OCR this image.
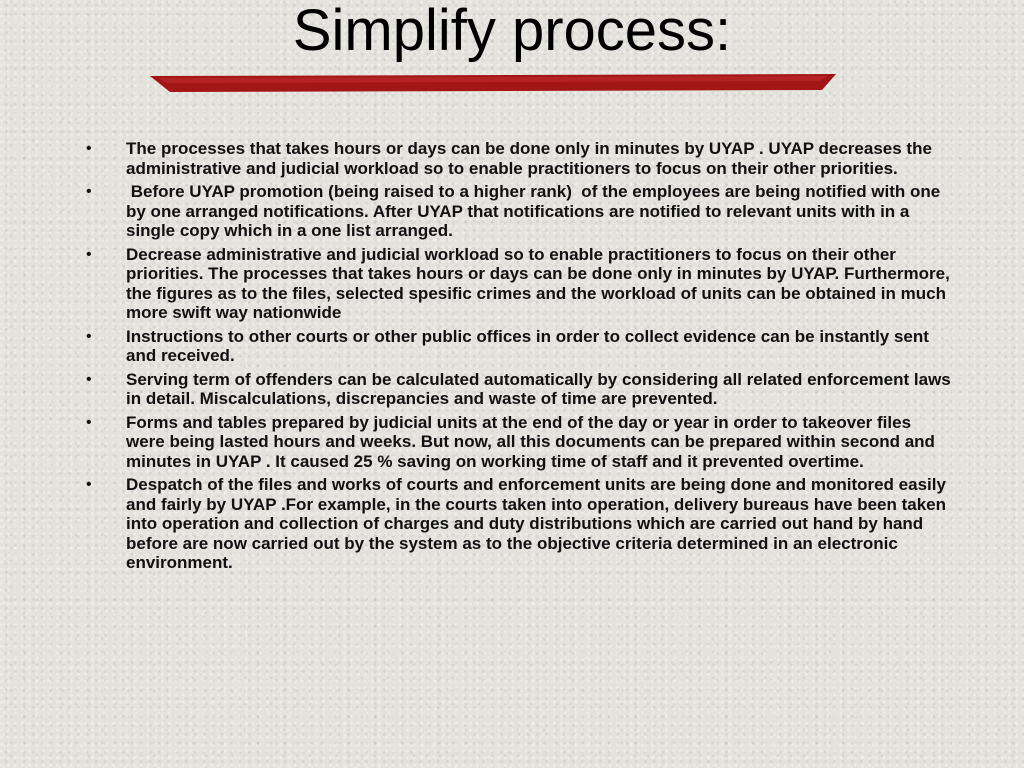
Simplify process:
• The processes that takes hours or days can be done only in minutes by UYAP . UYAP decreases the administrative and judicial workload so to enable practitioners to focus on their other priorities.
• Before UYAP promotion (being raised to a higher rank)  of the employees are being notified with one by one arranged notifications. After UYAP that notifications are notified to relevant units with in a single copy which in a one list arranged.
• Decrease administrative and judicial workload so to enable practitioners to focus on their other priorities. The processes that takes hours or days can be done only in minutes by UYAP. Furthermore, the figures as to the files, selected spesific crimes and the workload of units can be obtained in much more swift way nationwide
• Instructions to other courts or other public offices in order to collect evidence can be instantly sent and received.
• Serving term of offenders can be calculated automatically by considering all related enforcement laws in detail. Miscalculations, discrepancies and waste of time are prevented.
• Forms and tables prepared by judicial units at the end of the day or year in order to takeover files were being lasted hours and weeks. But now, all this documents can be prepared within second and minutes in UYAP . It caused 25 % saving on working time of staff and it prevented overtime.
• Despatch of the files and works of courts and enforcement units are being done and monitored easily and fairly by UYAP .For example, in the courts taken into operation, delivery bureaus have been taken into operation and collection of charges and duty distributions which are carried out hand by hand before are now carried out by the system as to the objective criteria determined in an electronic environment.
